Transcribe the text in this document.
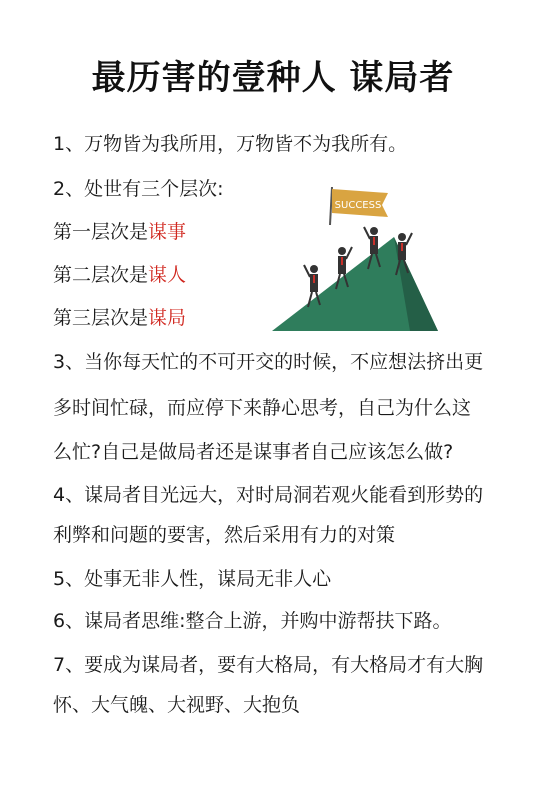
最历害的壹种人 谋局者
1、万物皆为我所用，万物皆不为我所有。
2、处世有三个层次:
第一层次是谋事
第二层次是谋人
第三层次是谋局
3、当你每天忙的不可开交的时候，不应想法挤出更
多时间忙碌，而应停下来静心思考，自己为什么这
么忙?自己是做局者还是谋事者自己应该怎么做?
4、谋局者目光远大，对时局洞若观火能看到形势的
利弊和问题的要害，然后采用有力的对策
5、处事无非人性，谋局无非人心
6、谋局者思维:整合上游，并购中游帮扶下路。
7、要成为谋局者，要有大格局，有大格局才有大胸
怀、大气魄、大视野、大抱负
SUCCESS
